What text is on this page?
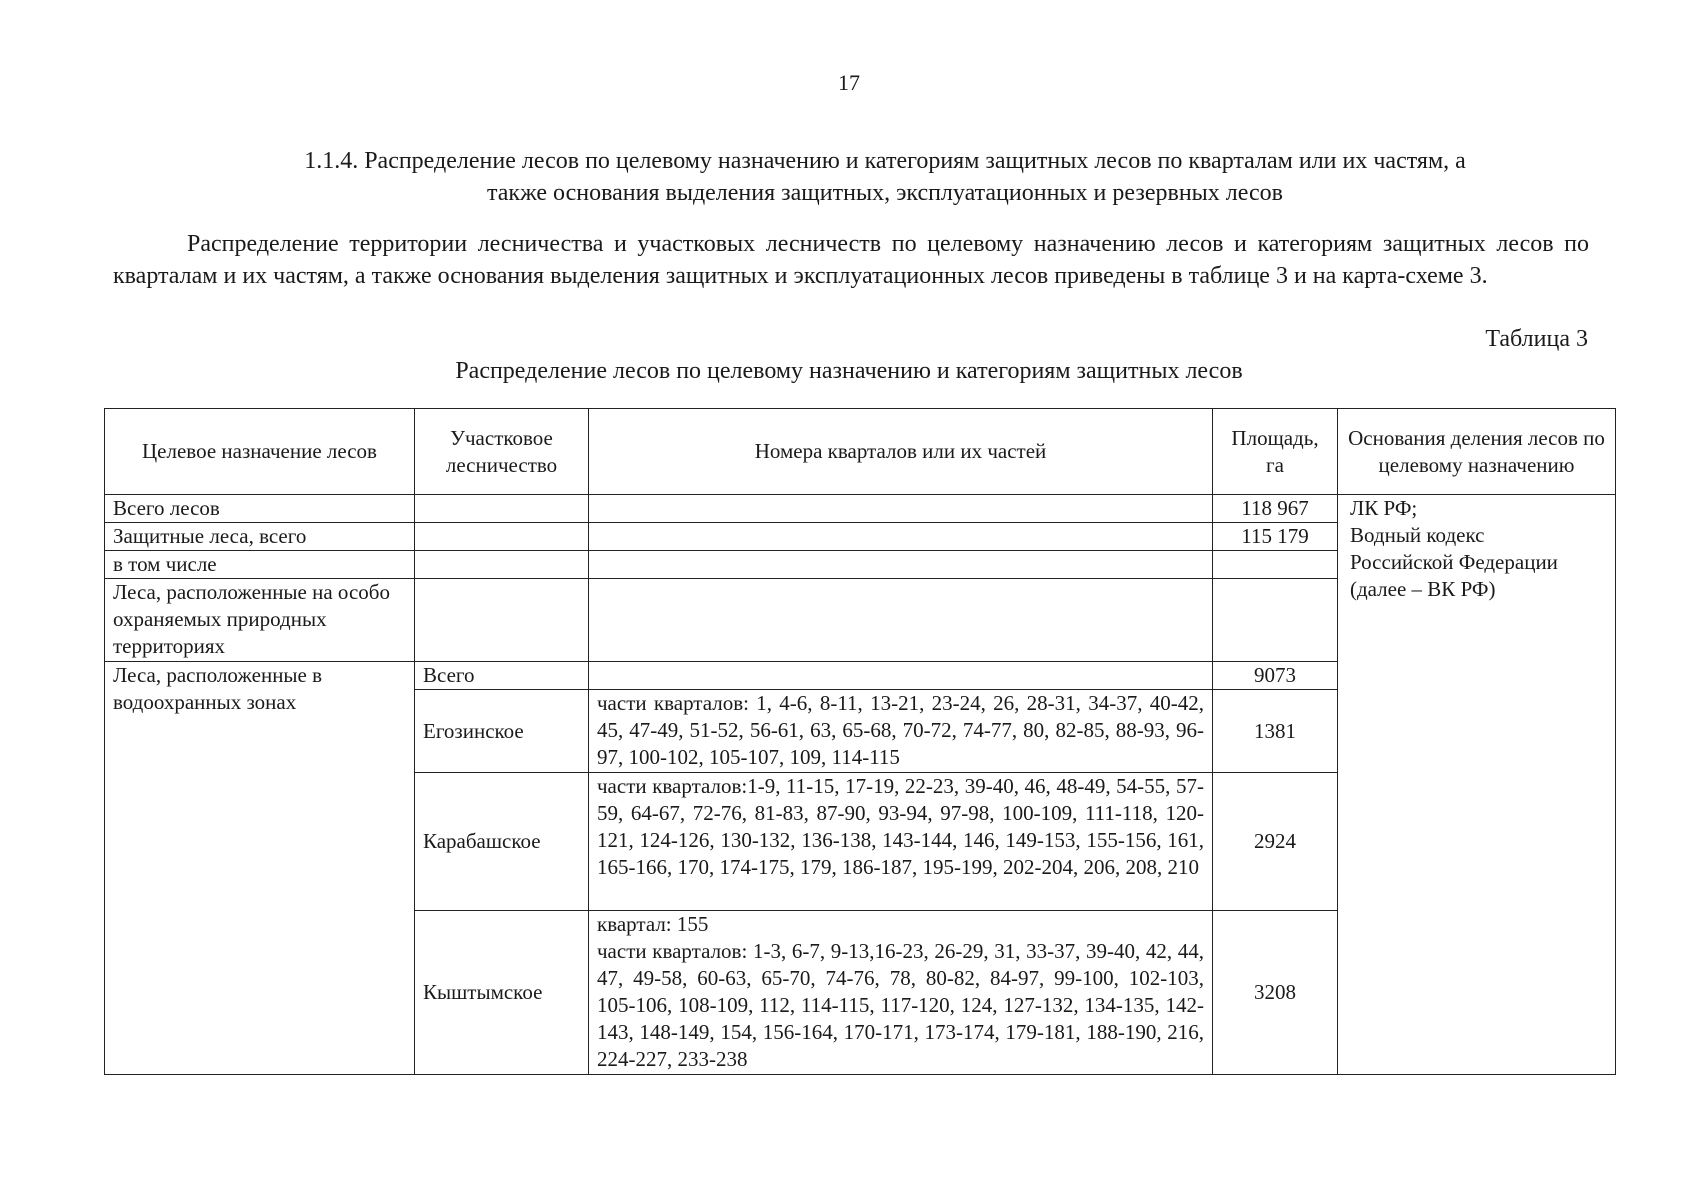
17
1.1.4. Распределение лесов по целевому назначению и категориям защитных лесов по кварталам или их частям, а
также основания выделения защитных, эксплуатационных и резервных лесов

Распределение территории лесничества и участковых лесничеств по целевому назначению лесов и категориям защитных лесов по кварталам и их частям, а также основания выделения защитных и эксплуатационных лесов приведены в таблице 3 и на карта-схеме 3.

Таблица 3
Распределение лесов по целевому назначению и категориям защитных лесов
Целевое назначение лесов	Участковое лесничество	Номера кварталов или их частей	Площадь, га	Основания деления лесов по целевому назначению
Всего лесов			118 967	ЛК РФ;
Водный кодекс
Российской Федерации
(далее – ВК РФ)

Защитные леса, всего			115 179	
в том числе				
Леса, расположенные на особо охраняемых природных территориях				
Леса, расположенные в водоохранных зонах	Всего		9073	
	Егозинское	части кварталов: 1, 4-6, 8-11, 13-21, 23-24, 26, 28-31, 34-37, 40-42, 45, 47-49, 51-52, 56-61, 63, 65-68, 70-72, 74-77, 80, 82-85, 88-93, 96-97, 100-102, 105-107, 109, 114-115	1381	
	Карабашское	части кварталов:1-9, 11-15, 17-19, 22-23, 39-40, 46, 48-49, 54-55, 57-59, 64-67, 72-76, 81-83, 87-90, 93-94, 97-98, 100-109, 111-118, 120-121, 124-126, 130-132, 136-138, 143-144, 146, 149-153, 155-156, 161, 165-166, 170, 174-175, 179, 186-187, 195-199, 202-204, 206, 208, 210	2924	
	Кыштымское	квартал: 155
части кварталов: 1-3, 6-7, 9-13,16-23, 26-29, 31, 33-37, 39-40, 42, 44, 47, 49-58, 60-63, 65-70, 74-76, 78, 80-82, 84-97, 99-100, 102-103, 105-106, 108-109, 112, 114-115, 117-120, 124, 127-132, 134-135, 142-143, 148-149, 154, 156-164, 170-171, 173-174, 179-181, 188-190, 216, 224-227, 233-238	3208	
